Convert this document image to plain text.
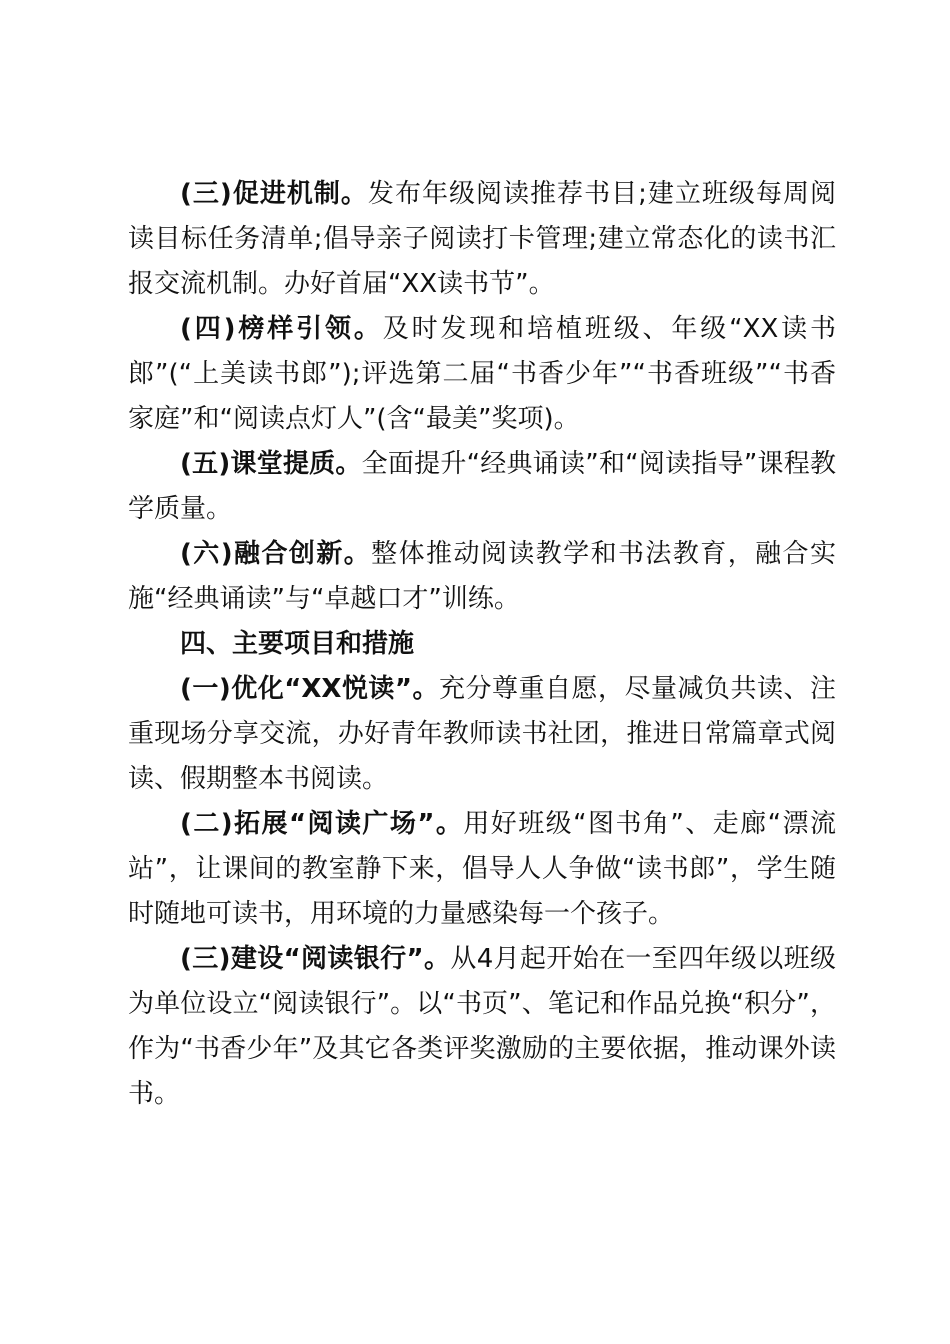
(三)促进机制。发布年级阅读推荐书目;建立班级每周阅读目标任务清单;倡导亲子阅读打卡管理;建立常态化的读书汇报交流机制。办好首届“XX读书节”。

(四)榜样引领。及时发现和培植班级、年级“XX读书郎”(“上美读书郎”);评选第二届“书香少年”“书香班级”“书香家庭”和“阅读点灯人”(含“最美”奖项)。

(五)课堂提质。全面提升“经典诵读”和“阅读指导”课程教学质量。

(六)融合创新。整体推动阅读教学和书法教育，融合实施“经典诵读”与“卓越口才”训练。

四、主要项目和措施

(一)优化“XX悦读”。充分尊重自愿，尽量减负共读、注重现场分享交流，办好青年教师读书社团，推进日常篇章式阅读、假期整本书阅读。

(二)拓展“阅读广场”。用好班级“图书角”、走廊“漂流站”，让课间的教室静下来，倡导人人争做“读书郎”，学生随时随地可读书，用环境的力量感染每一个孩子。

(三)建设“阅读银行”。从4月起开始在一至四年级以班级为单位设立“阅读银行”。以“书页”、笔记和作品兑换“积分”，作为“书香少年”及其它各类评奖激励的主要依据，推动课外读书。
